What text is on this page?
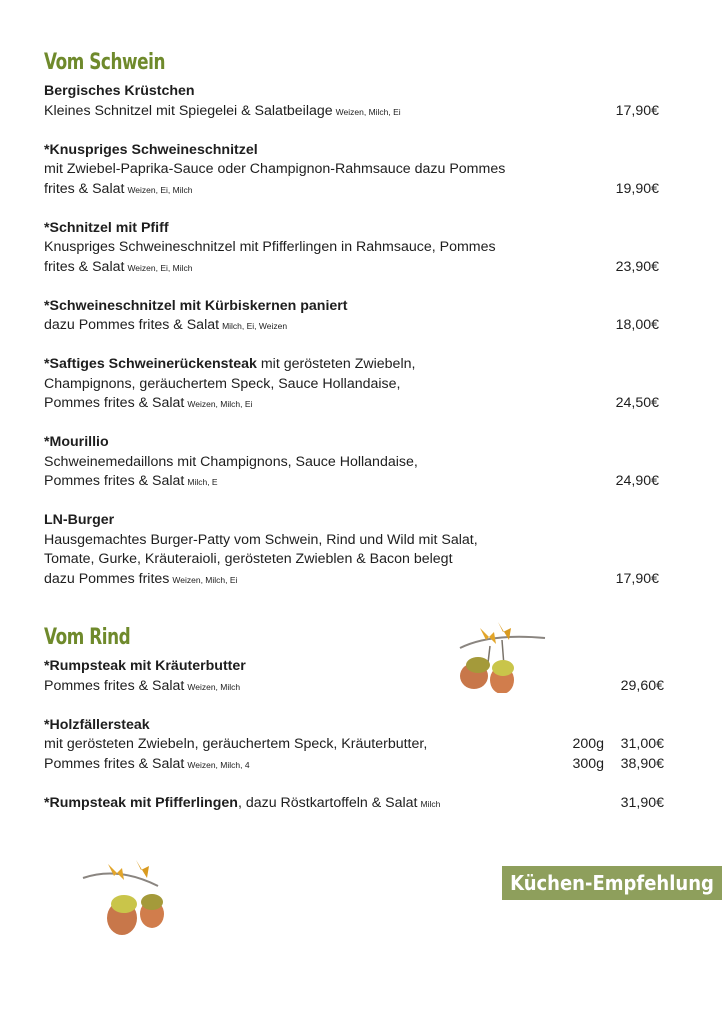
Vom Schwein
Bergisches Krüstchen
Kleines Schnitzel mit Spiegelei & Salatbeilage Weizen, Milch, Ei	17,90€
*Knuspriges Schweineschnitzel
mit Zwiebel-Paprika-Sauce oder Champignon-Rahmsauce dazu Pommes
frites & Salat Weizen, Ei, Milch	19,90€
*Schnitzel mit Pfiff
Knuspriges Schweineschnitzel mit Pfifferlingen in Rahmsauce, Pommes
frites & Salat Weizen, Ei, Milch	23,90€
*Schweineschnitzel mit Kürbiskernen paniert
dazu Pommes frites & Salat Milch, Ei, Weizen	18,00€
*Saftiges Schweinerückensteak mit gerösteten Zwiebeln,
Champignons, geräuchertem Speck, Sauce Hollandaise,
Pommes frites & Salat Weizen, Milch, Ei	24,50€
*Mourillio
Schweinemedaillons mit Champignons, Sauce Hollandaise,
Pommes frites & Salat Milch, E	24,90€
LN-Burger
Hausgemachtes Burger-Patty vom Schwein, Rind und Wild mit Salat,
Tomate, Gurke, Kräuteraioli, gerösteten Zwieblen & Bacon belegt
dazu Pommes frites Weizen, Milch, Ei	17,90€
Vom Rind
*Rumpsteak mit Kräuterbutter
Pommes frites & Salat Weizen, Milch	29,60€
*Holzfällersteak
mit gerösteten Zwiebeln, geräuchertem Speck, Kräuterbutter,	200g 31,00€
Pommes frites & Salat Weizen, Milch, 4	300g 38,90€
*Rumpsteak mit Pfifferlingen, dazu Röstkartoffeln & Salat Milch	31,90€
Küchen-Empfehlung
